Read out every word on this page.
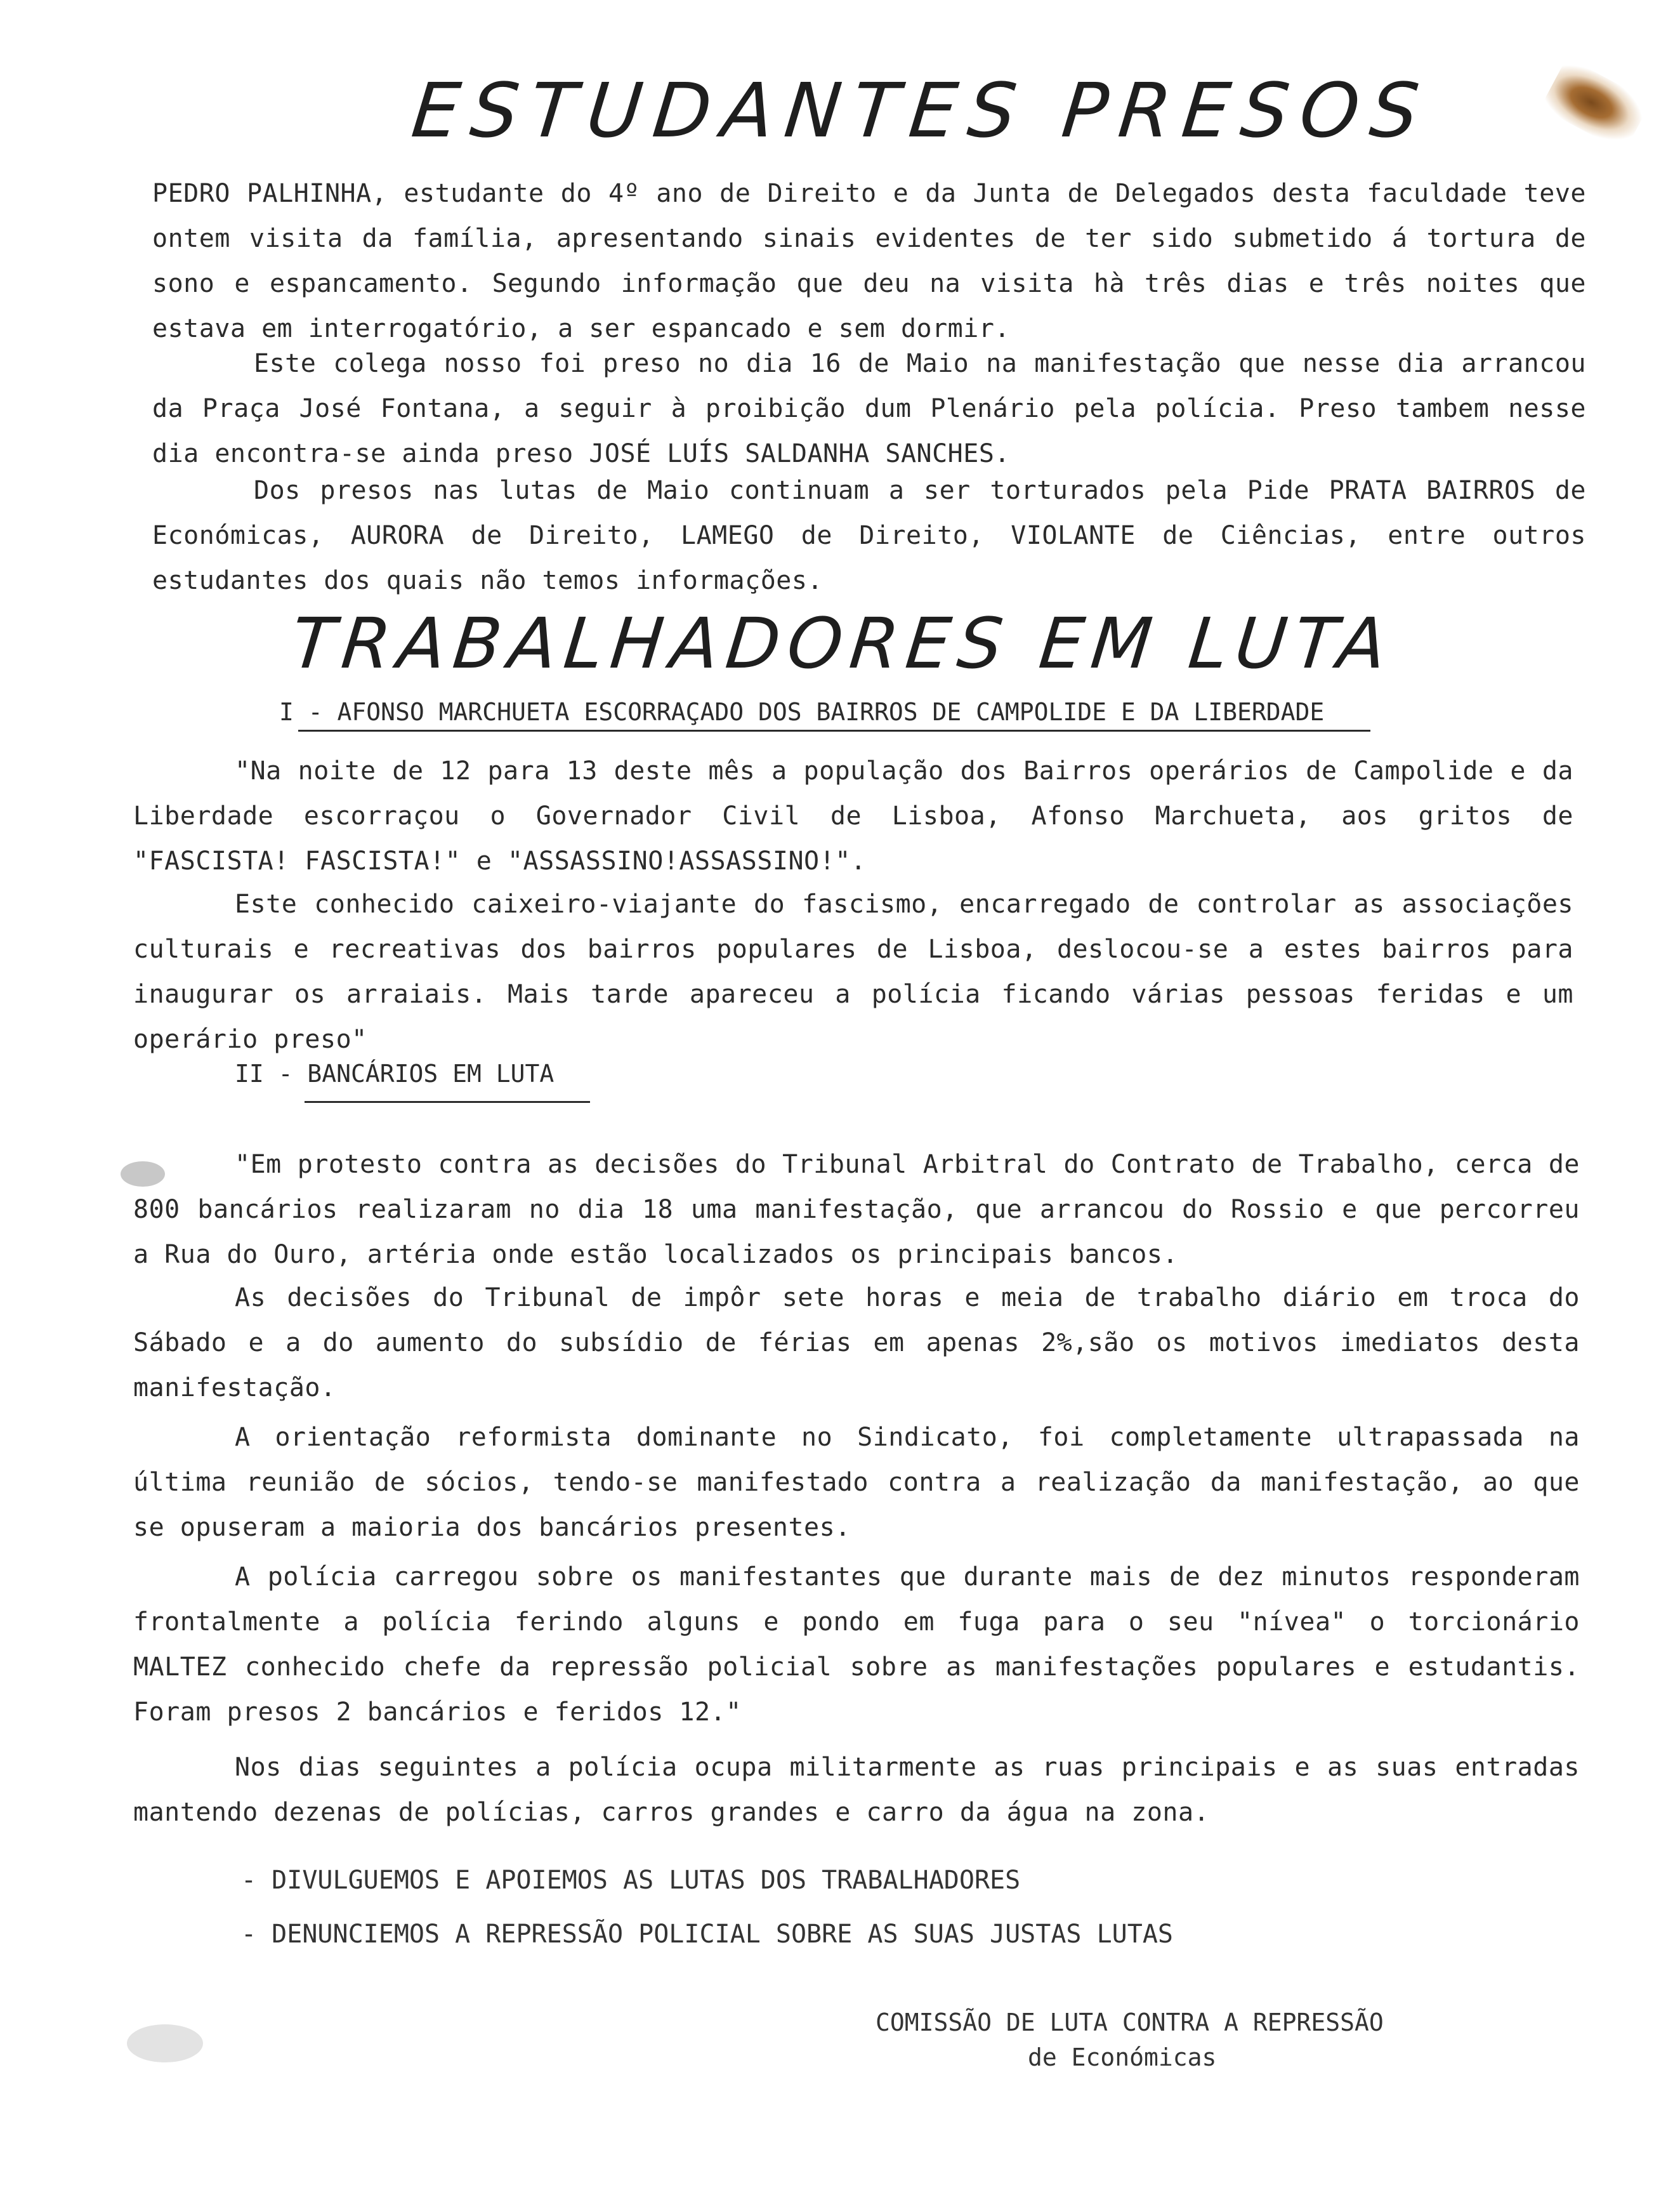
ESTUDANTES PRESOS

PEDRO PALHINHA, estudante do 4º ano de Direito e da Junta de Delegados desta faculdade teve ontem visita da família, apresentando sinais evidentes de ter sido submetido á tortura de sono e espancamento. Segundo informação que deu na visita hà três dias e três noites que estava em interrogatório, a ser espancado e sem dormir.

Este colega nosso foi preso no dia 16 de Maio na manifestação que nesse dia arrancou da Praça José Fontana, a seguir à proibição dum Plenário pela polícia. Preso tambem nesse dia encontra-se ainda preso JOSÉ LUÍS SALDANHA SANCHES.

Dos presos nas lutas de Maio continuam a ser torturados pela Pide PRATA BAIRROS de Económicas, AURORA de Direito, LAMEGO de Direito, VIOLANTE de Ciências, entre outros estudantes dos quais não temos informações.

TRABALHADORES EM LUTA
I - AFONSO MARCHUETA ESCORRAÇADO DOS BAIRROS DE CAMPOLIDE E DA LIBERDADE

"Na noite de 12 para 13 deste mês a população dos Bairros operários de Campolide e da Liberdade escorraçou o Governador Civil de Lisboa, Afonso Marchueta, aos gritos de "FASCISTA! FASCISTA!" e "ASSASSINO!ASSASSINO!".

Este conhecido caixeiro-viajante do fascismo, encarregado de controlar as associações culturais e recreativas dos bairros populares de Lisboa, deslocou-se a estes bairros para inaugurar os arraiais. Mais tarde apareceu a polícia ficando várias pessoas feridas e um operário preso"

II - BANCÁRIOS EM LUTA

"Em protesto contra as decisões do Tribunal Arbitral do Contrato de Trabalho, cerca de 800 bancários realizaram no dia 18 uma manifestação, que arrancou do Rossio e que percorreu a Rua do Ouro, artéria onde estão localizados os principais bancos.

As decisões do Tribunal de impôr sete horas e meia de trabalho diário em troca do Sábado e a do aumento do subsídio de férias em apenas 2%,são os motivos imediatos desta manifestação.

A orientação reformista dominante no Sindicato, foi completamente ultrapassada na última reunião de sócios, tendo-se manifestado contra a realização da manifestação, ao que se opuseram a maioria dos bancários presentes.

A polícia carregou sobre os manifestantes que durante mais de dez minutos responderam frontalmente a polícia ferindo alguns e pondo em fuga para o seu "nívea" o torcionário MALTEZ conhecido chefe da repressão policial sobre as manifestações populares e estudantis. Foram presos 2 bancários e feridos 12."

Nos dias seguintes a polícia ocupa militarmente as ruas principais e as suas entradas mantendo dezenas de polícias, carros grandes e carro da água na zona.

- DIVULGUEMOS E APOIEMOS AS LUTAS DOS TRABALHADORES
- DENUNCIEMOS A REPRESSÃO POLICIAL SOBRE AS SUAS JUSTAS LUTAS
COMISSÃO DE LUTA CONTRA A REPRESSÃO
de Económicas
